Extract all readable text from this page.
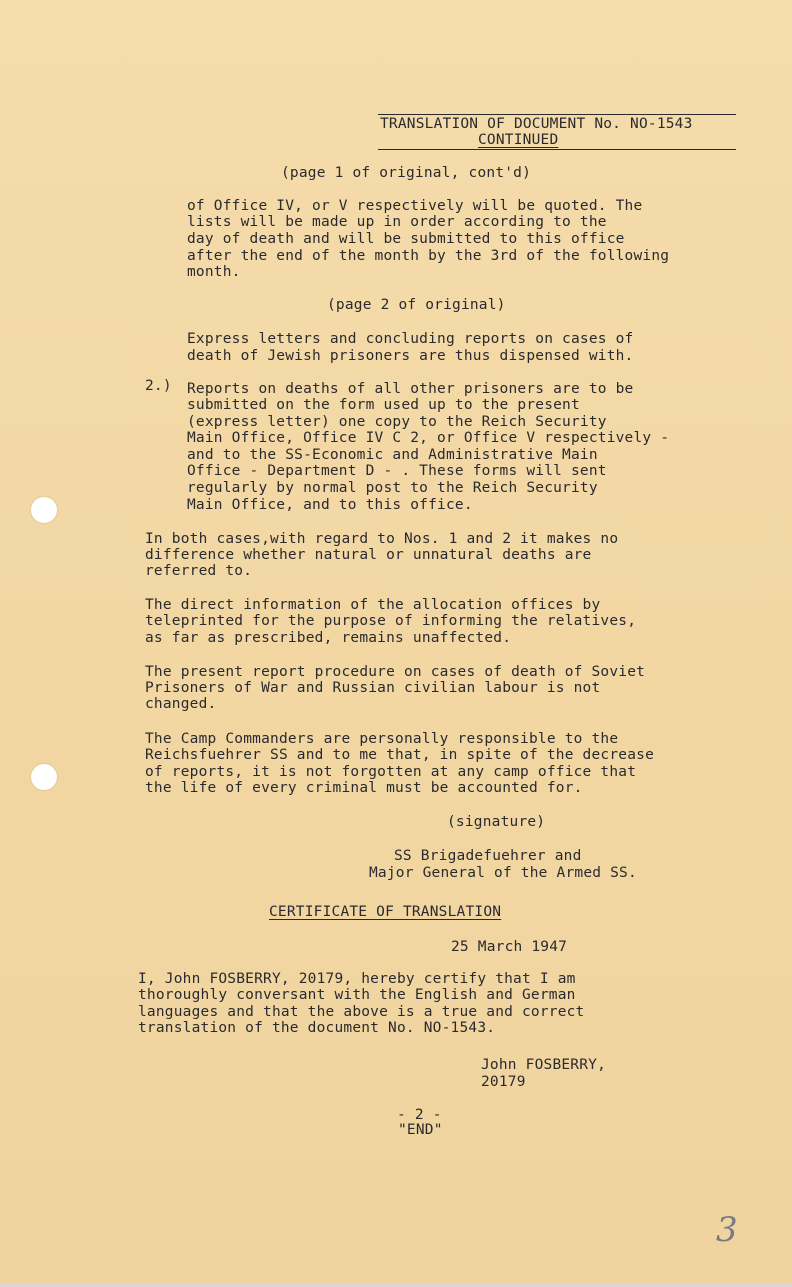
TRANSLATION OF DOCUMENT No. NO-1543
CONTINUED
(page 1 of original, cont'd)
of Office IV, or V respectively will be quoted. The
lists will be made up in order according to the
day of death and will be submitted to this office
after the end of the month by the 3rd of the following
month.
(page 2 of original)
Express letters and concluding reports on cases of
death of Jewish prisoners are thus dispensed with.
2.) Reports on deaths of all other prisoners are to be
submitted on the form used up to the present
(express letter) one copy to the Reich Security
Main Office, Office IV C 2, or Office V respectively -
and to the SS-Economic and Administrative Main
Office - Department D - . These forms will sent
regularly by normal post to the Reich Security
Main Office, and to this office.
In both cases,with regard to Nos. 1 and 2 it makes no
difference whether natural or unnatural deaths are
referred to.
The direct information of the allocation offices by
teleprinted for the purpose of informing the relatives,
as far as prescribed, remains unaffected.
The present report procedure on cases of death of Soviet
Prisoners of War and Russian civilian labour is not
changed.
The Camp Commanders are personally responsible to the
Reichsfuehrer SS and to me that, in spite of the decrease
of reports, it is not forgotten at any camp office that
the life of every criminal must be accounted for.
(signature)
SS Brigadefuehrer and
Major General of the Armed SS.
CERTIFICATE OF TRANSLATION
25 March 1947
I, John FOSBERRY, 20179, hereby certify that I am
thoroughly conversant with the English and German
languages and that the above is a true and correct
translation of the document No. NO-1543.
John FOSBERRY,
20179
- 2 -
"END"
3
